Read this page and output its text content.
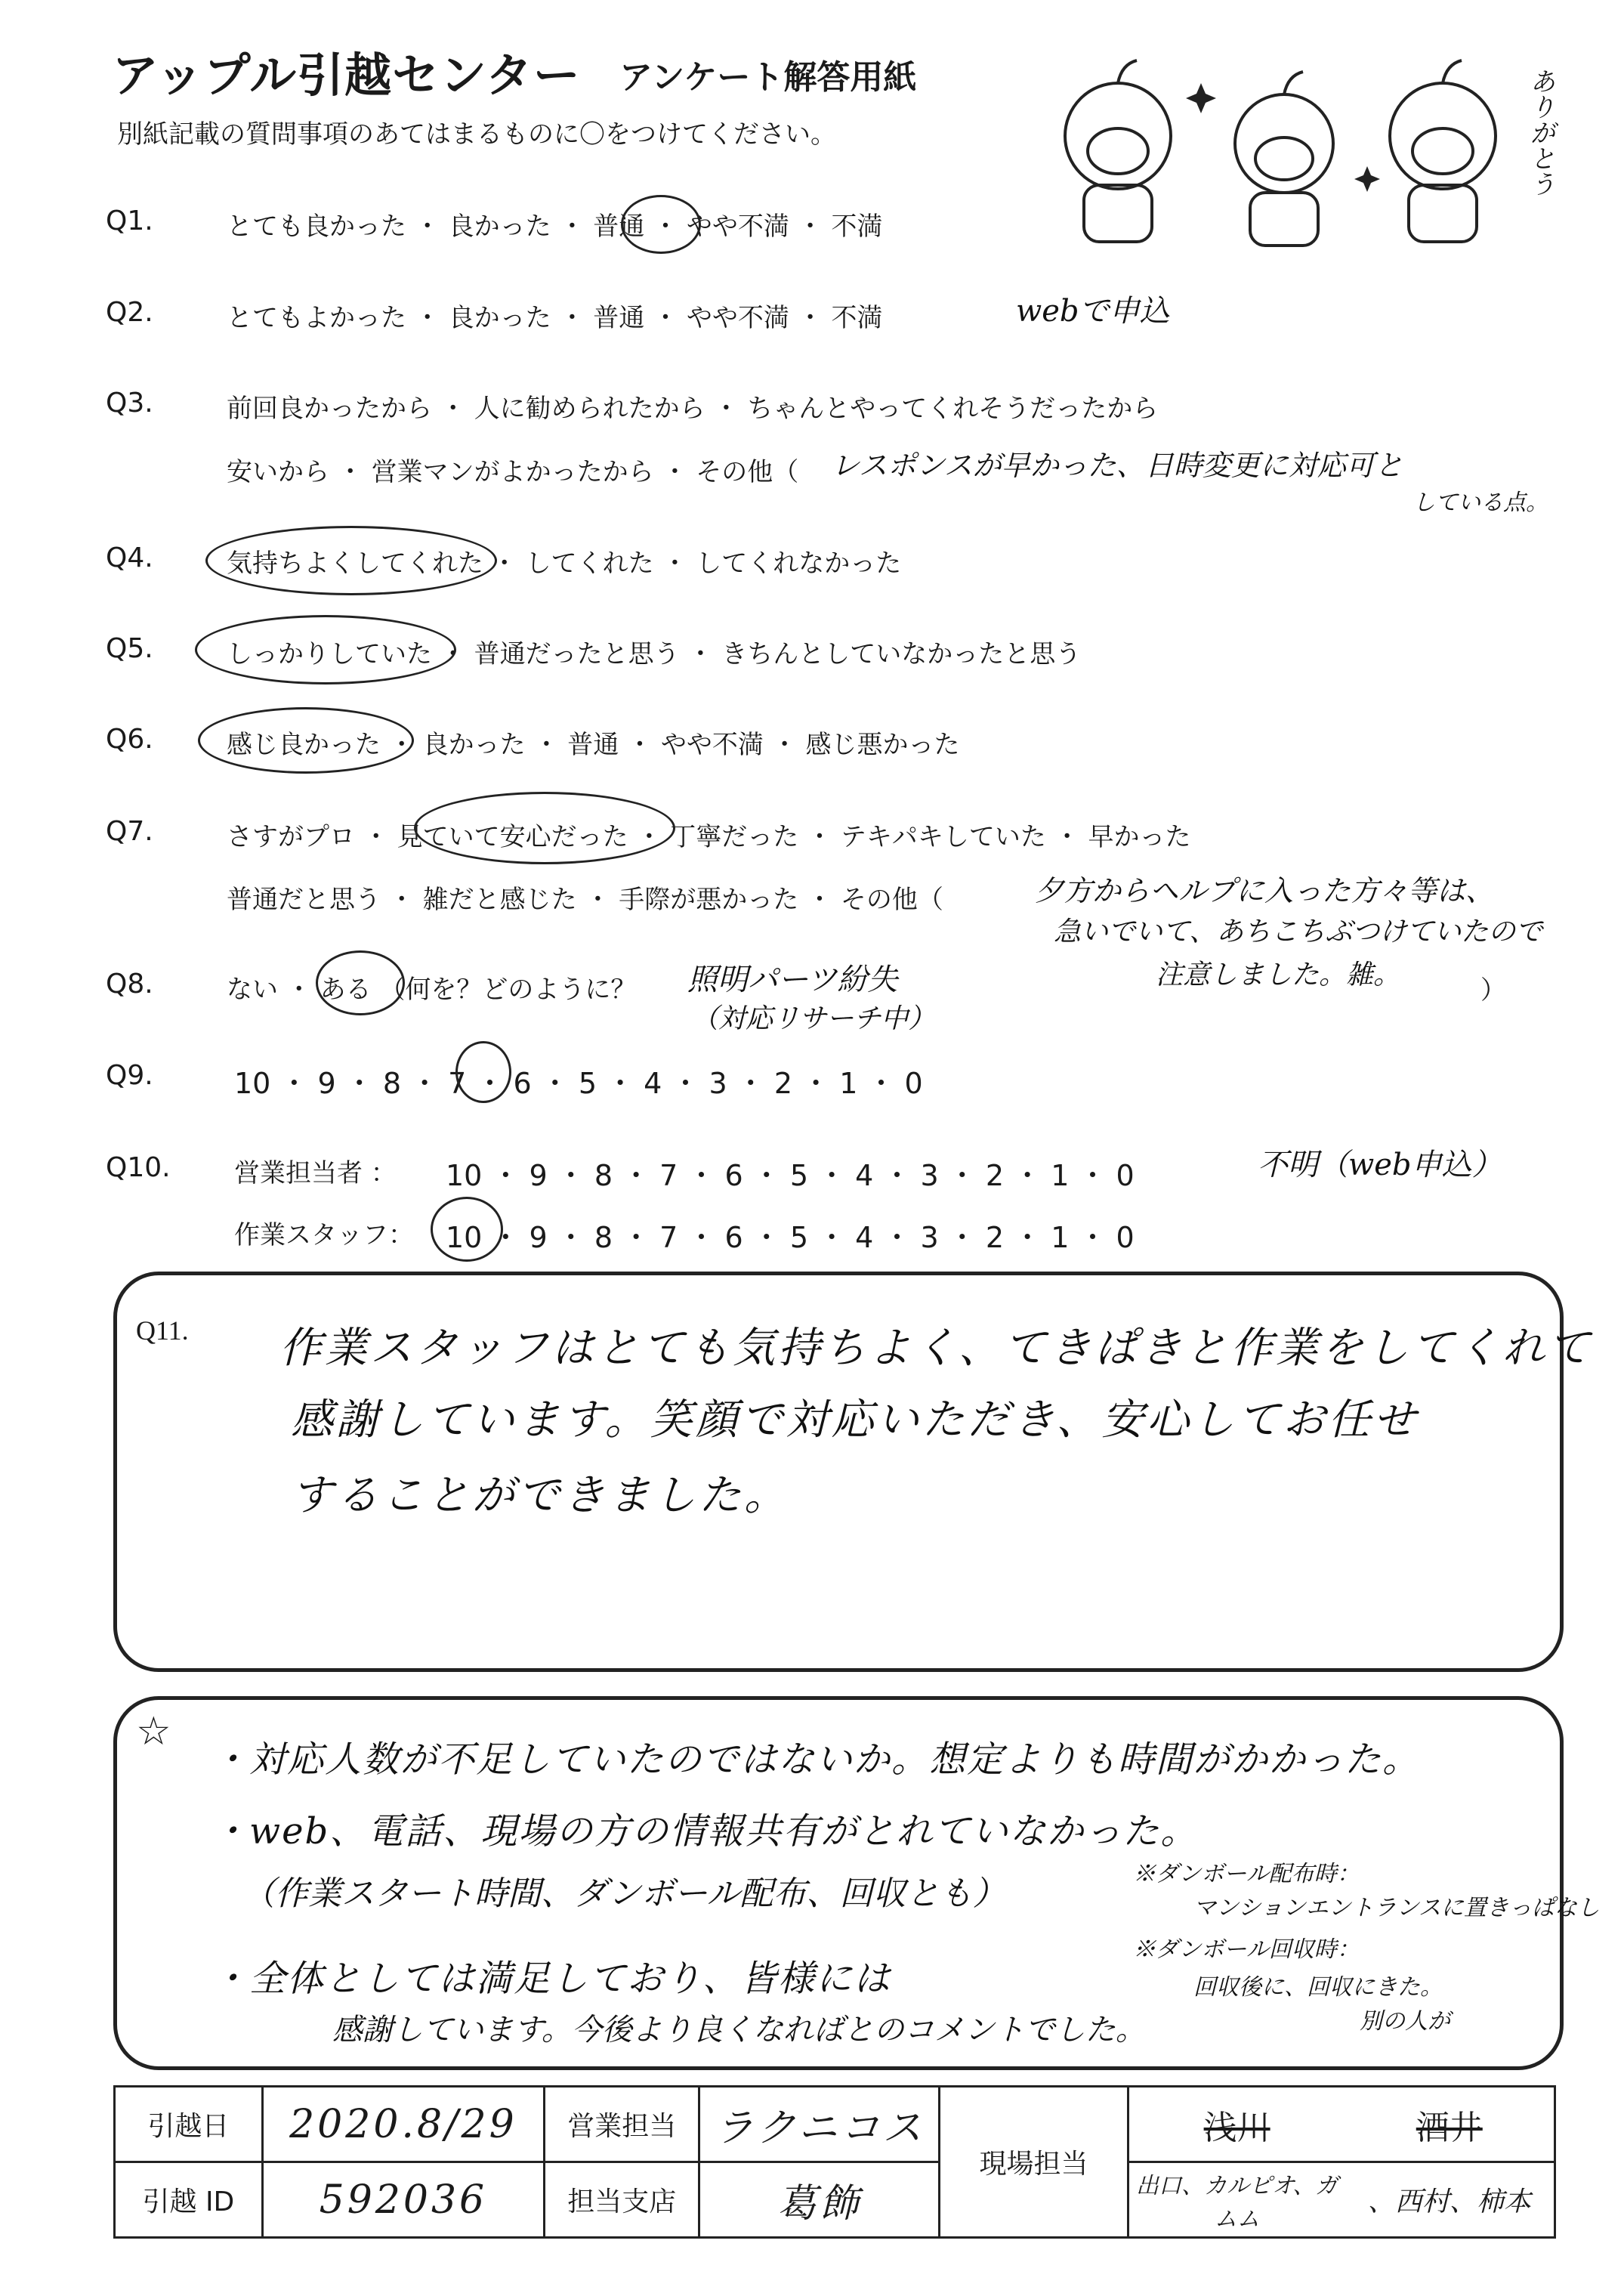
アップル引越センター アンケート解答用紙
別紙記載の質問事項のあてはまるものに〇をつけてください。	ありがとう
Q1.	とても良かった ・ 良かった ・ 普通 ・ やや不満 ・ 不満
Q2.	とてもよかった ・ 良かった ・ 普通 ・ やや不満 ・ 不満	webで申込
Q3.	前回良かったから ・ 人に勧められたから ・ ちゃんとやってくれそうだったから
安いから ・ 営業マンがよかったから ・ その他（ レスポンスが早かった、日時変更に対応可と
している点。
Q4.	気持ちよくしてくれた ・ してくれた ・ してくれなかった
Q5.	しっかりしていた ・ 普通だったと思う ・ きちんとしていなかったと思う
Q6.	感じ良かった ・ 良かった ・ 普通 ・ やや不満 ・ 感じ悪かった
Q7.	さすがプロ ・ 見ていて安心だった ・ 丁寧だった ・ テキパキしていた ・ 早かった
普通だと思う ・ 雑だと感じた ・ 手際が悪かった ・ その他（	夕方からヘルプに入った方々等は、
急いでいて、あちこちぶつけていたので
注意しました。雑。	）
Q8.	ない ・ ある （何を？どのように？ 照明パーツ紛失
（対応リサーチ中）
Q9.	10 ・ 9 ・ 8 ・ 7 ・ 6 ・ 5 ・ 4 ・ 3 ・ 2 ・ 1 ・ 0
Q10. 営業担当者 ： 10 ・ 9 ・ 8 ・ 7 ・ 6 ・ 5 ・ 4 ・ 3 ・ 2 ・ 1 ・ 0	不明（web申込）
作業スタッフ： 10 ・ 9 ・ 8 ・ 7 ・ 6 ・ 5 ・ 4 ・ 3 ・ 2 ・ 1 ・ 0
Q11. 作業スタッフはとても気持ちよく、てきぱきと作業をしてくれて
感謝しています。笑顔で対応いただき、安心してお任せ
することができました。
☆
・対応人数が不足していたのではないか。想定よりも時間がかかった。
・web、電話、現場の方の情報共有がとれていなかった。
（作業スタート時間、ダンボール配布、回収とも）
※ダンボール配布時：
マンションエントランスに置きっぱなし
※ダンボール回収時：
回収後に、回収にきた。
別の人が
・全体としては満足しており、皆様には
感謝しています。今後より良くなればとのコメントでした。
引越日	2020.8/29	営業担当	ラクニコス	現場担当	浅川	酒井
引越 ID	592036	担当支店	葛飾		出口、カルピオ、ガムム	、西村、柿本
